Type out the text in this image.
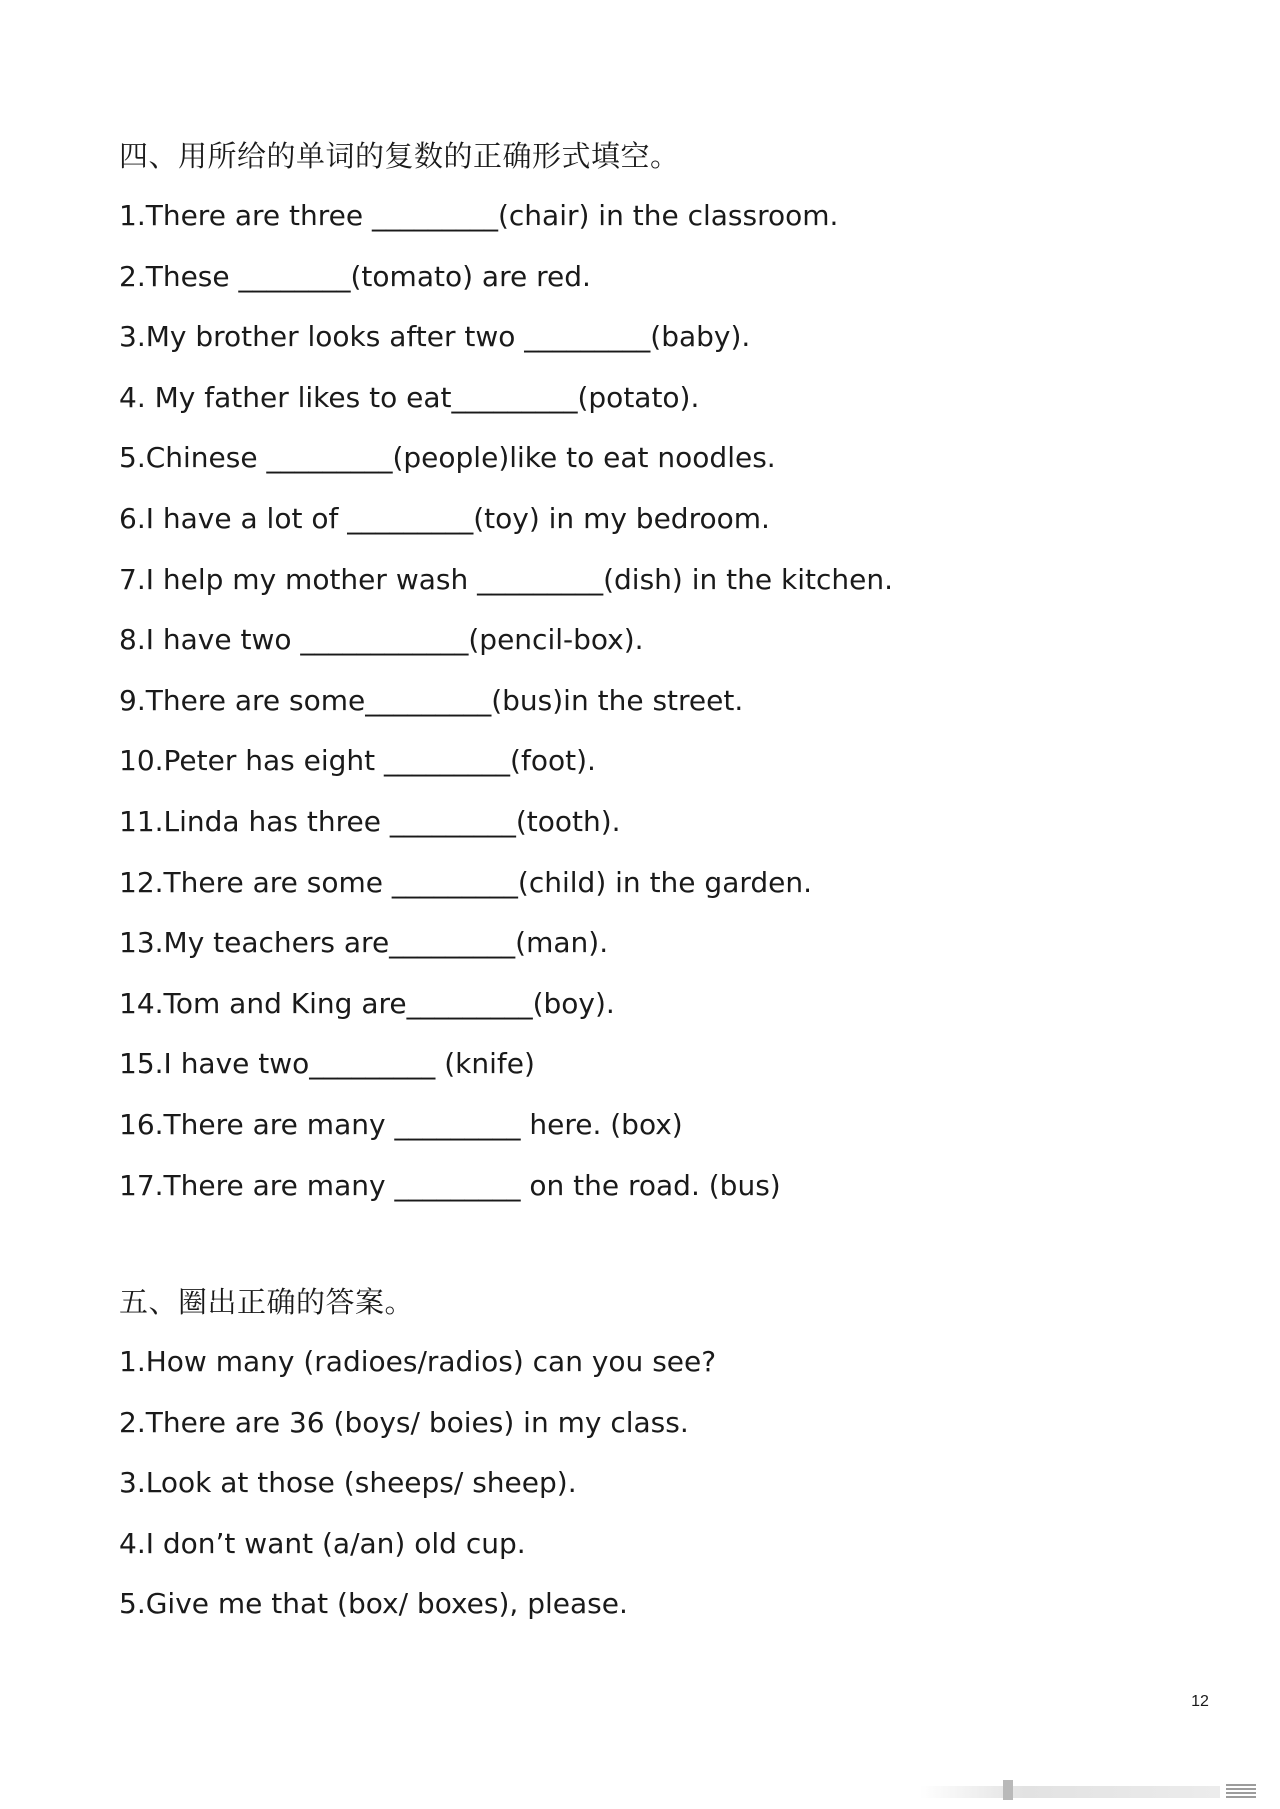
四、用所给的单词的复数的正确形式填空。
1.There are three _________(chair) in the classroom.
2.These ________(tomato) are red.
3.My brother looks after two _________(baby).
4. My father likes to eat_________(potato).
5.Chinese _________(people)like to eat noodles.
6.I have a lot of _________(toy) in my bedroom.
7.I help my mother wash _________(dish) in the kitchen.
8.I have two ____________(pencil-box).
9.There are some_________(bus)in the street.
10.Peter has eight _________(foot).
11.Linda has three _________(tooth).
12.There are some _________(child) in the garden.
13.My teachers are_________(man).
14.Tom and King are_________(boy).
15.I have two_________ (knife)
16.There are many _________ here. (box)
17.There are many _________ on the road. (bus)
五、圈出正确的答案。
1.How many (radioes/radios) can you see?
2.There are 36 (boys/ boies) in my class.
3.Look at those (sheeps/ sheep).
4.I don’t want (a/an) old cup.
5.Give me that (box/ boxes), please.
12
